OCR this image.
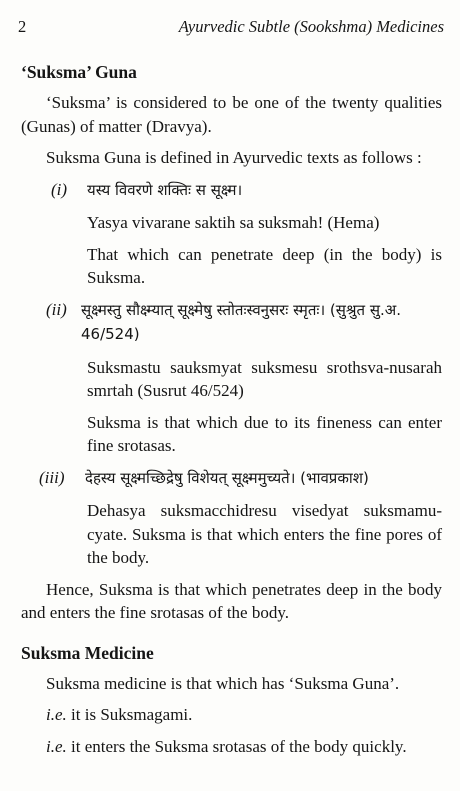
2	Ayurvedic Subtle (Sookshma) Medicines
‘Suksma’ Guna

‘Suksma’ is considered to be one of the twenty qualities (Gunas) of matter (Dravya).

Suksma Guna is defined in Ayurvedic texts as follows :

(i) यस्य विवरणे शक्तिः स सूक्ष्म।

Yasya vivarane saktih sa suksmah! (Hema)

That which can penetrate deep (in the body) is Suksma.

(ii) सूक्ष्मस्तु सौक्ष्म्यात् सूक्ष्मेषु स्तोतःस्वनुसरः स्मृतः। (सुश्रुत सु.अ. 46/524)

Suksmastu sauksmyat suksmesu srothsva-nusarah smrtah (Susrut 46/524)

Suksma is that which due to its fineness can enter fine srotasas.

(iii) देहस्य सूक्ष्मच्छिद्रेषु विशेयत् सूक्ष्ममुच्यते। (भावप्रकाश)

Dehasya suksmacchidresu visedyat suksmamu-cyate. Suksma is that which enters the fine pores of the body.

Hence, Suksma is that which penetrates deep in the body and enters the fine srotasas of the body.

Suksma Medicine

Suksma medicine is that which has ‘Suksma Guna’.

i.e. it is Suksmagami.

i.e. it enters the Suksma srotasas of the body quickly.
